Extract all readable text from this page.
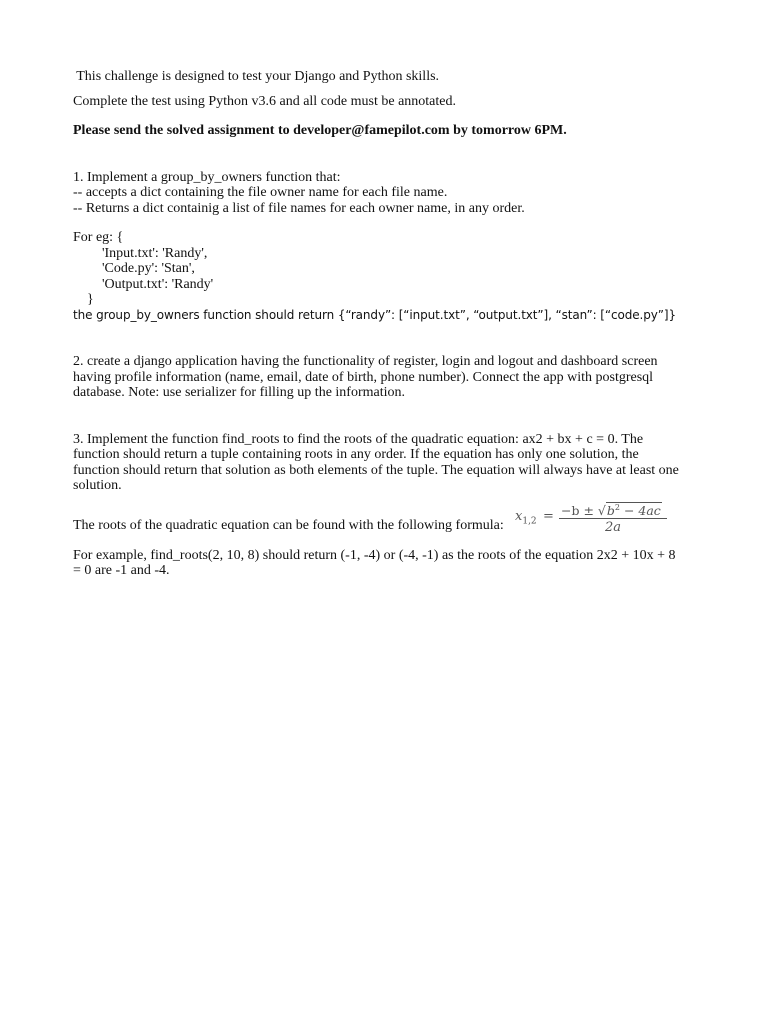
This challenge is designed to test your Django and Python skills.

Complete the test using Python v3.6 and all code must be annotated.

Please send the solved assignment to developer@famepilot.com by tomorrow 6PM.

1. Implement a group_by_owners function that:

-- accepts a dict containing the file owner name for each file name.

-- Returns a dict containig a list of file names for each owner name, in any order.

For eg: {

'Input.txt': 'Randy',

'Code.py': 'Stan',

'Output.txt': 'Randy'

}

the group_by_owners function should return {“randy”: [“input.txt”, “output.txt”], “stan”: [“code.py”]}

2. create a django application having the functionality of register, login and logout and dashboard screen

having profile information (name, email, date of birth, phone number). Connect the app with postgresql

database. Note: use serializer for filling up the information.

3. Implement the function find_roots to find the roots of the quadratic equation: ax2 + bx + c = 0. The

function should return a tuple containing roots in any order. If the equation has only one solution, the

function should return that solution as both elements of the tuple. The equation will always have at least one

solution.

The roots of the quadratic equation can be found with the following formula:
$x_{1,2} = -b \pm √b^2 - 4ac$
2a

For example, find_roots(2, 10, 8) should return (-1, -4) or (-4, -1) as the roots of the equation 2x2 + 10x + 8

= 0 are -1 and -4.
